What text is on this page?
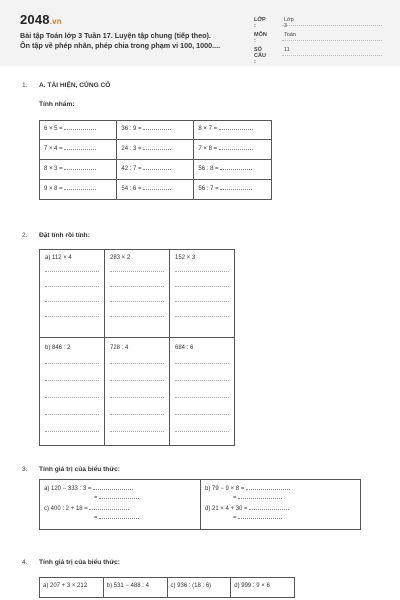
2048.vn
Bài tập Toán lớp 3 Tuần 17. Luyện tập chung (tiếp theo).
Ôn tập về phép nhân, phép chia trong phạm vi 100, 1000....
LỚP :
Lớp 3
MÔN :
Toán
SỐ CÂU :
11
1. A. TÁI HIỆN, CỦNG CỐ
Tính nhẩm:
6 × 5 =	36 : 9 =	8 × 7 =
7 × 4 =	24 : 3 =	7 × 8 =
8 × 3 =	42 : 7 =	56 : 8 =
9 × 8 =	54 : 6 =	56 : 7 =
2. Đặt tính rồi tính:
a) 112 × 4	283 × 2	152 × 3

b) 846 : 2	728 : 4	684 : 6
3. Tính giá trị của biểu thức:
a) 120 − 333 : 3 =
=
c) 400 : 2 + 18 =
=

b) 79 − 9 × 8 =
=
d) 21 × 4 + 30 =
=
4. Tính giá trị của biểu thức:
a) 207 + 3 × 212	b) 531 − 488 : 4	c) 936 : (18 : 6)	d) 999 : 9 × 6
